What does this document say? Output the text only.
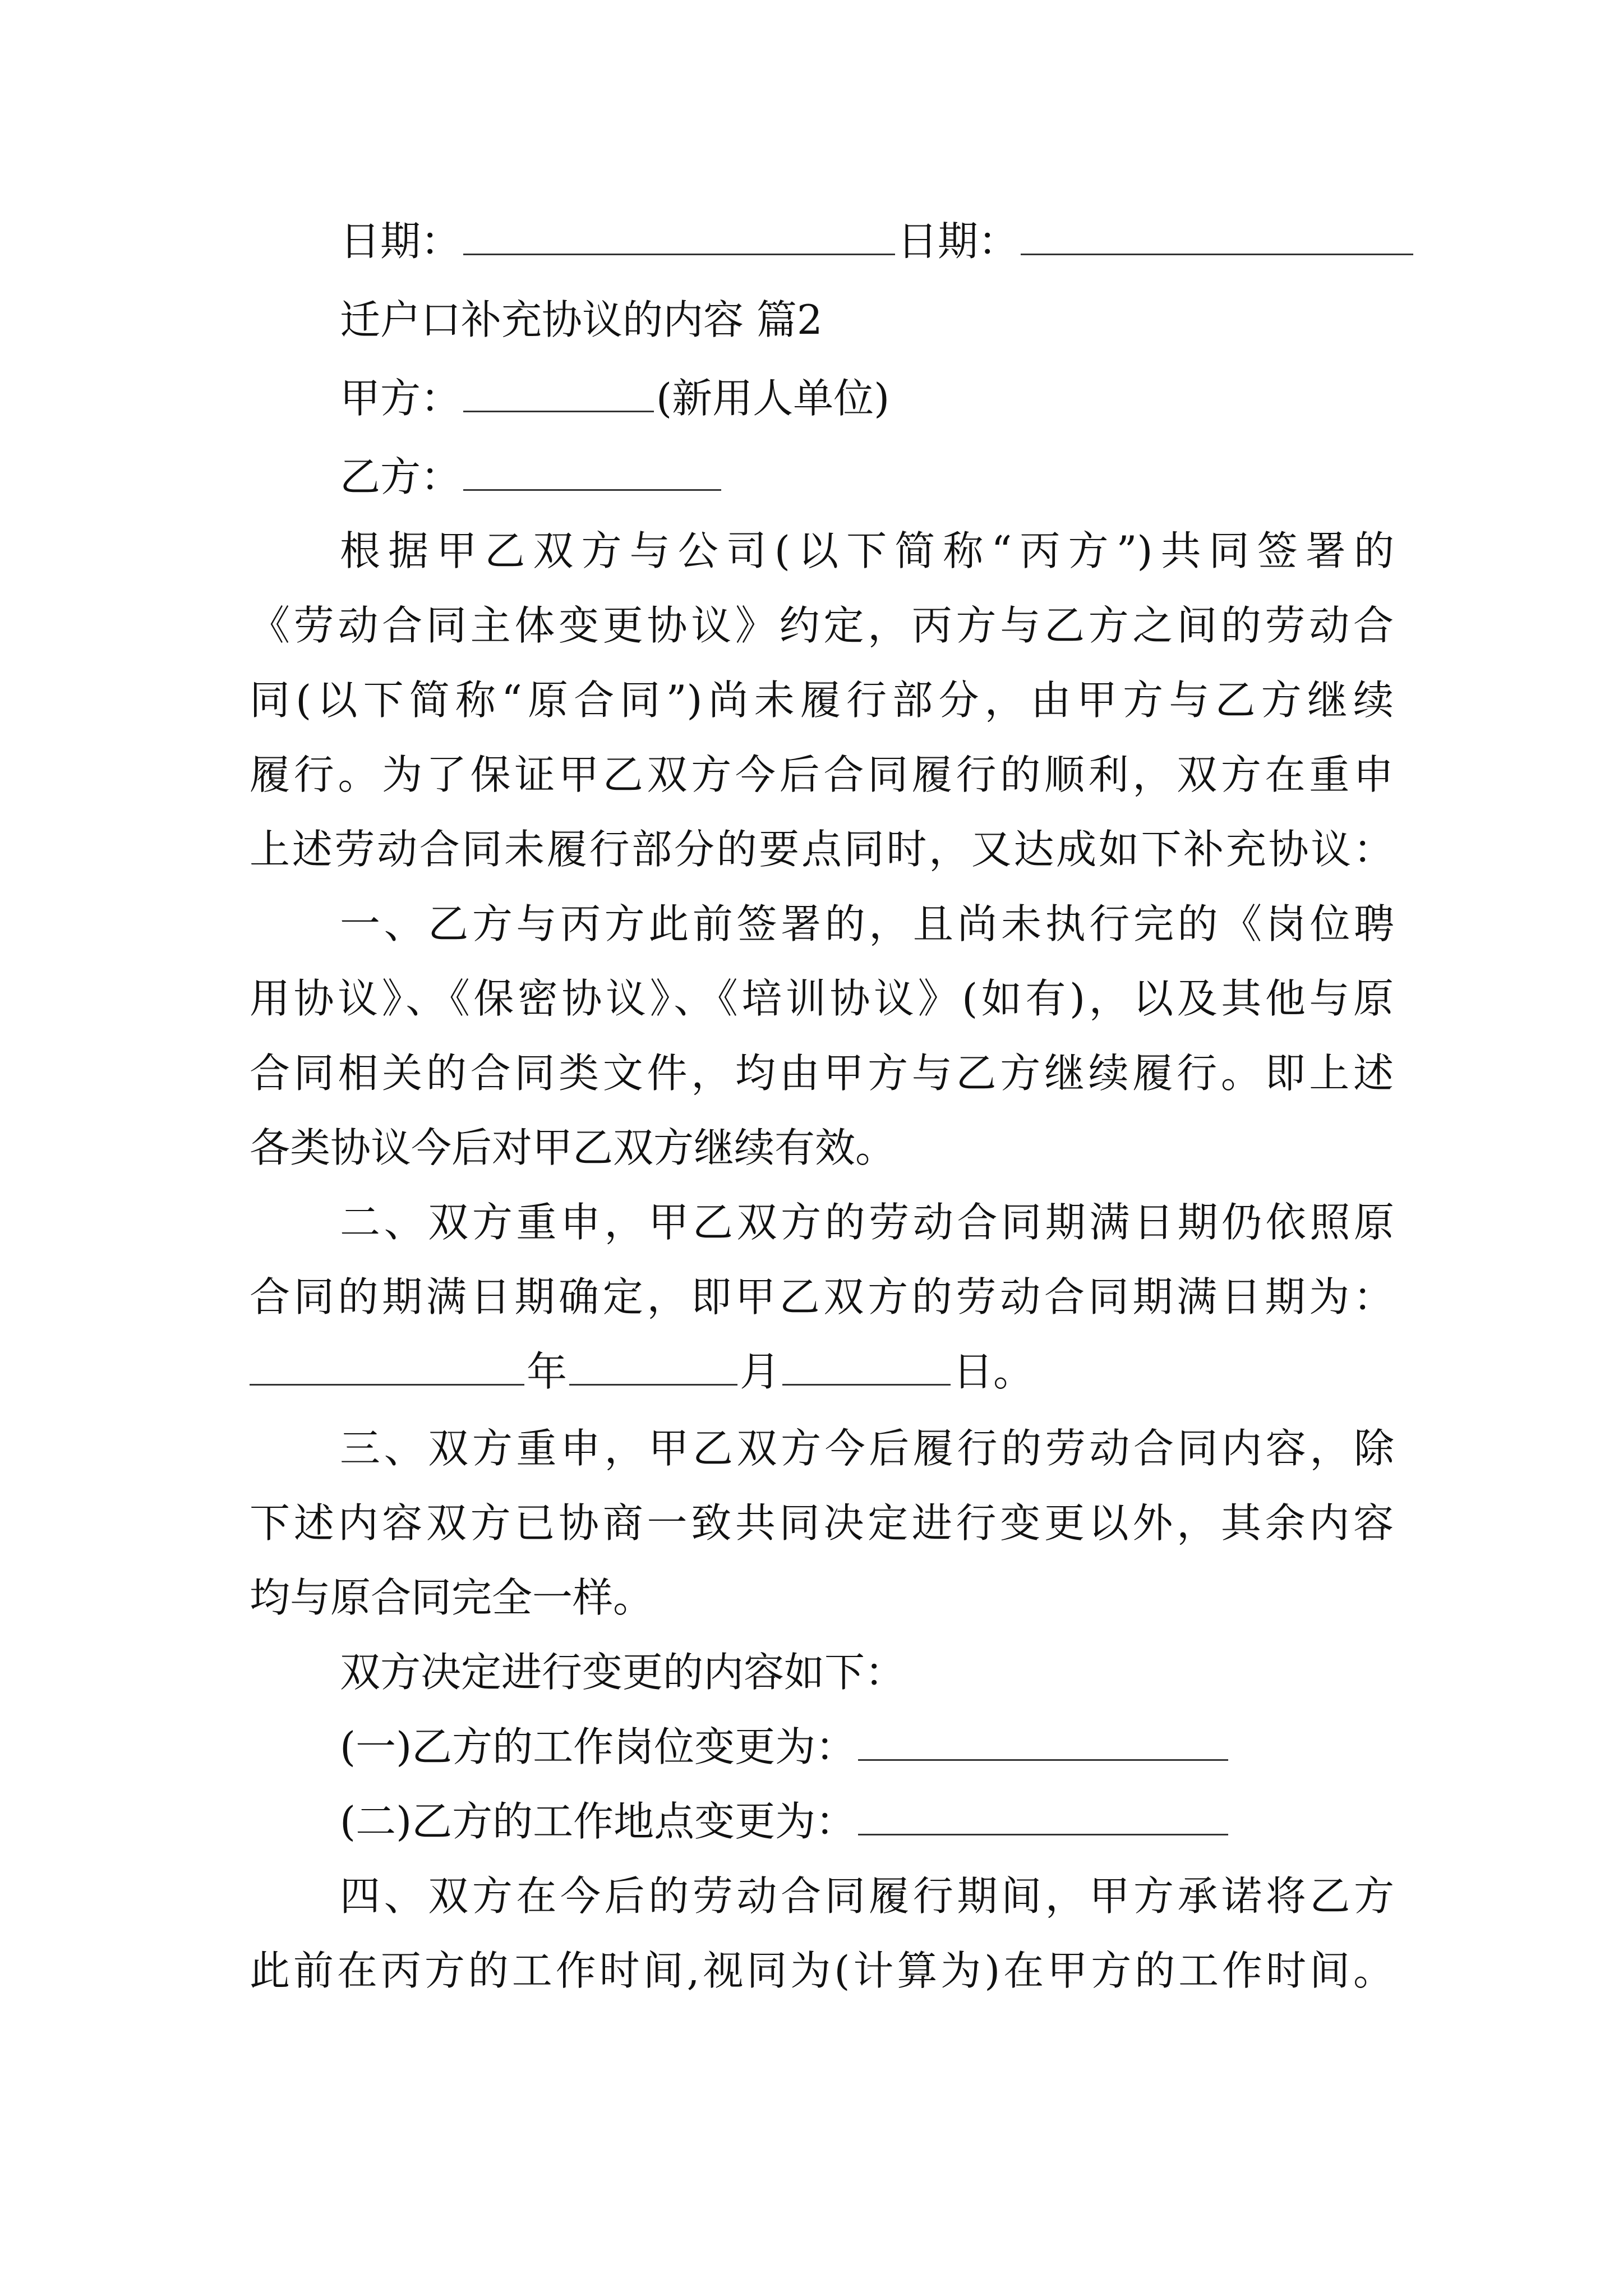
日期：	日期：
迁户口补充协议的内容 篇2
甲方：	(新用人单位)
乙方：
根据甲乙双方与公司(以下简称“丙方”)共同签署的
《劳动合同主体变更协议》约定，丙方与乙方之间的劳动合
同(以下简称“原合同”)尚未履行部分，由甲方与乙方继续
履行。为了保证甲乙双方今后合同履行的顺利，双方在重申
上述劳动合同未履行部分的要点同时，又达成如下补充协议：
一、乙方与丙方此前签署的，且尚未执行完的《岗位聘
用协议》、《保密协议》、《培训协议》(如有)，以及其他与原
合同相关的合同类文件，均由甲方与乙方继续履行。即上述
各类协议今后对甲乙双方继续有效。
二、双方重申，甲乙双方的劳动合同期满日期仍依照原
合同的期满日期确定，即甲乙双方的劳动合同期满日期为：
年	月	日。
三、双方重申，甲乙双方今后履行的劳动合同内容，除
下述内容双方已协商一致共同决定进行变更以外，其余内容
均与原合同完全一样。
双方决定进行变更的内容如下：
(一)乙方的工作岗位变更为：
(二)乙方的工作地点变更为：
四、双方在今后的劳动合同履行期间，甲方承诺将乙方
此前在丙方的工作时间,视同为(计算为)在甲方的工作时间。
